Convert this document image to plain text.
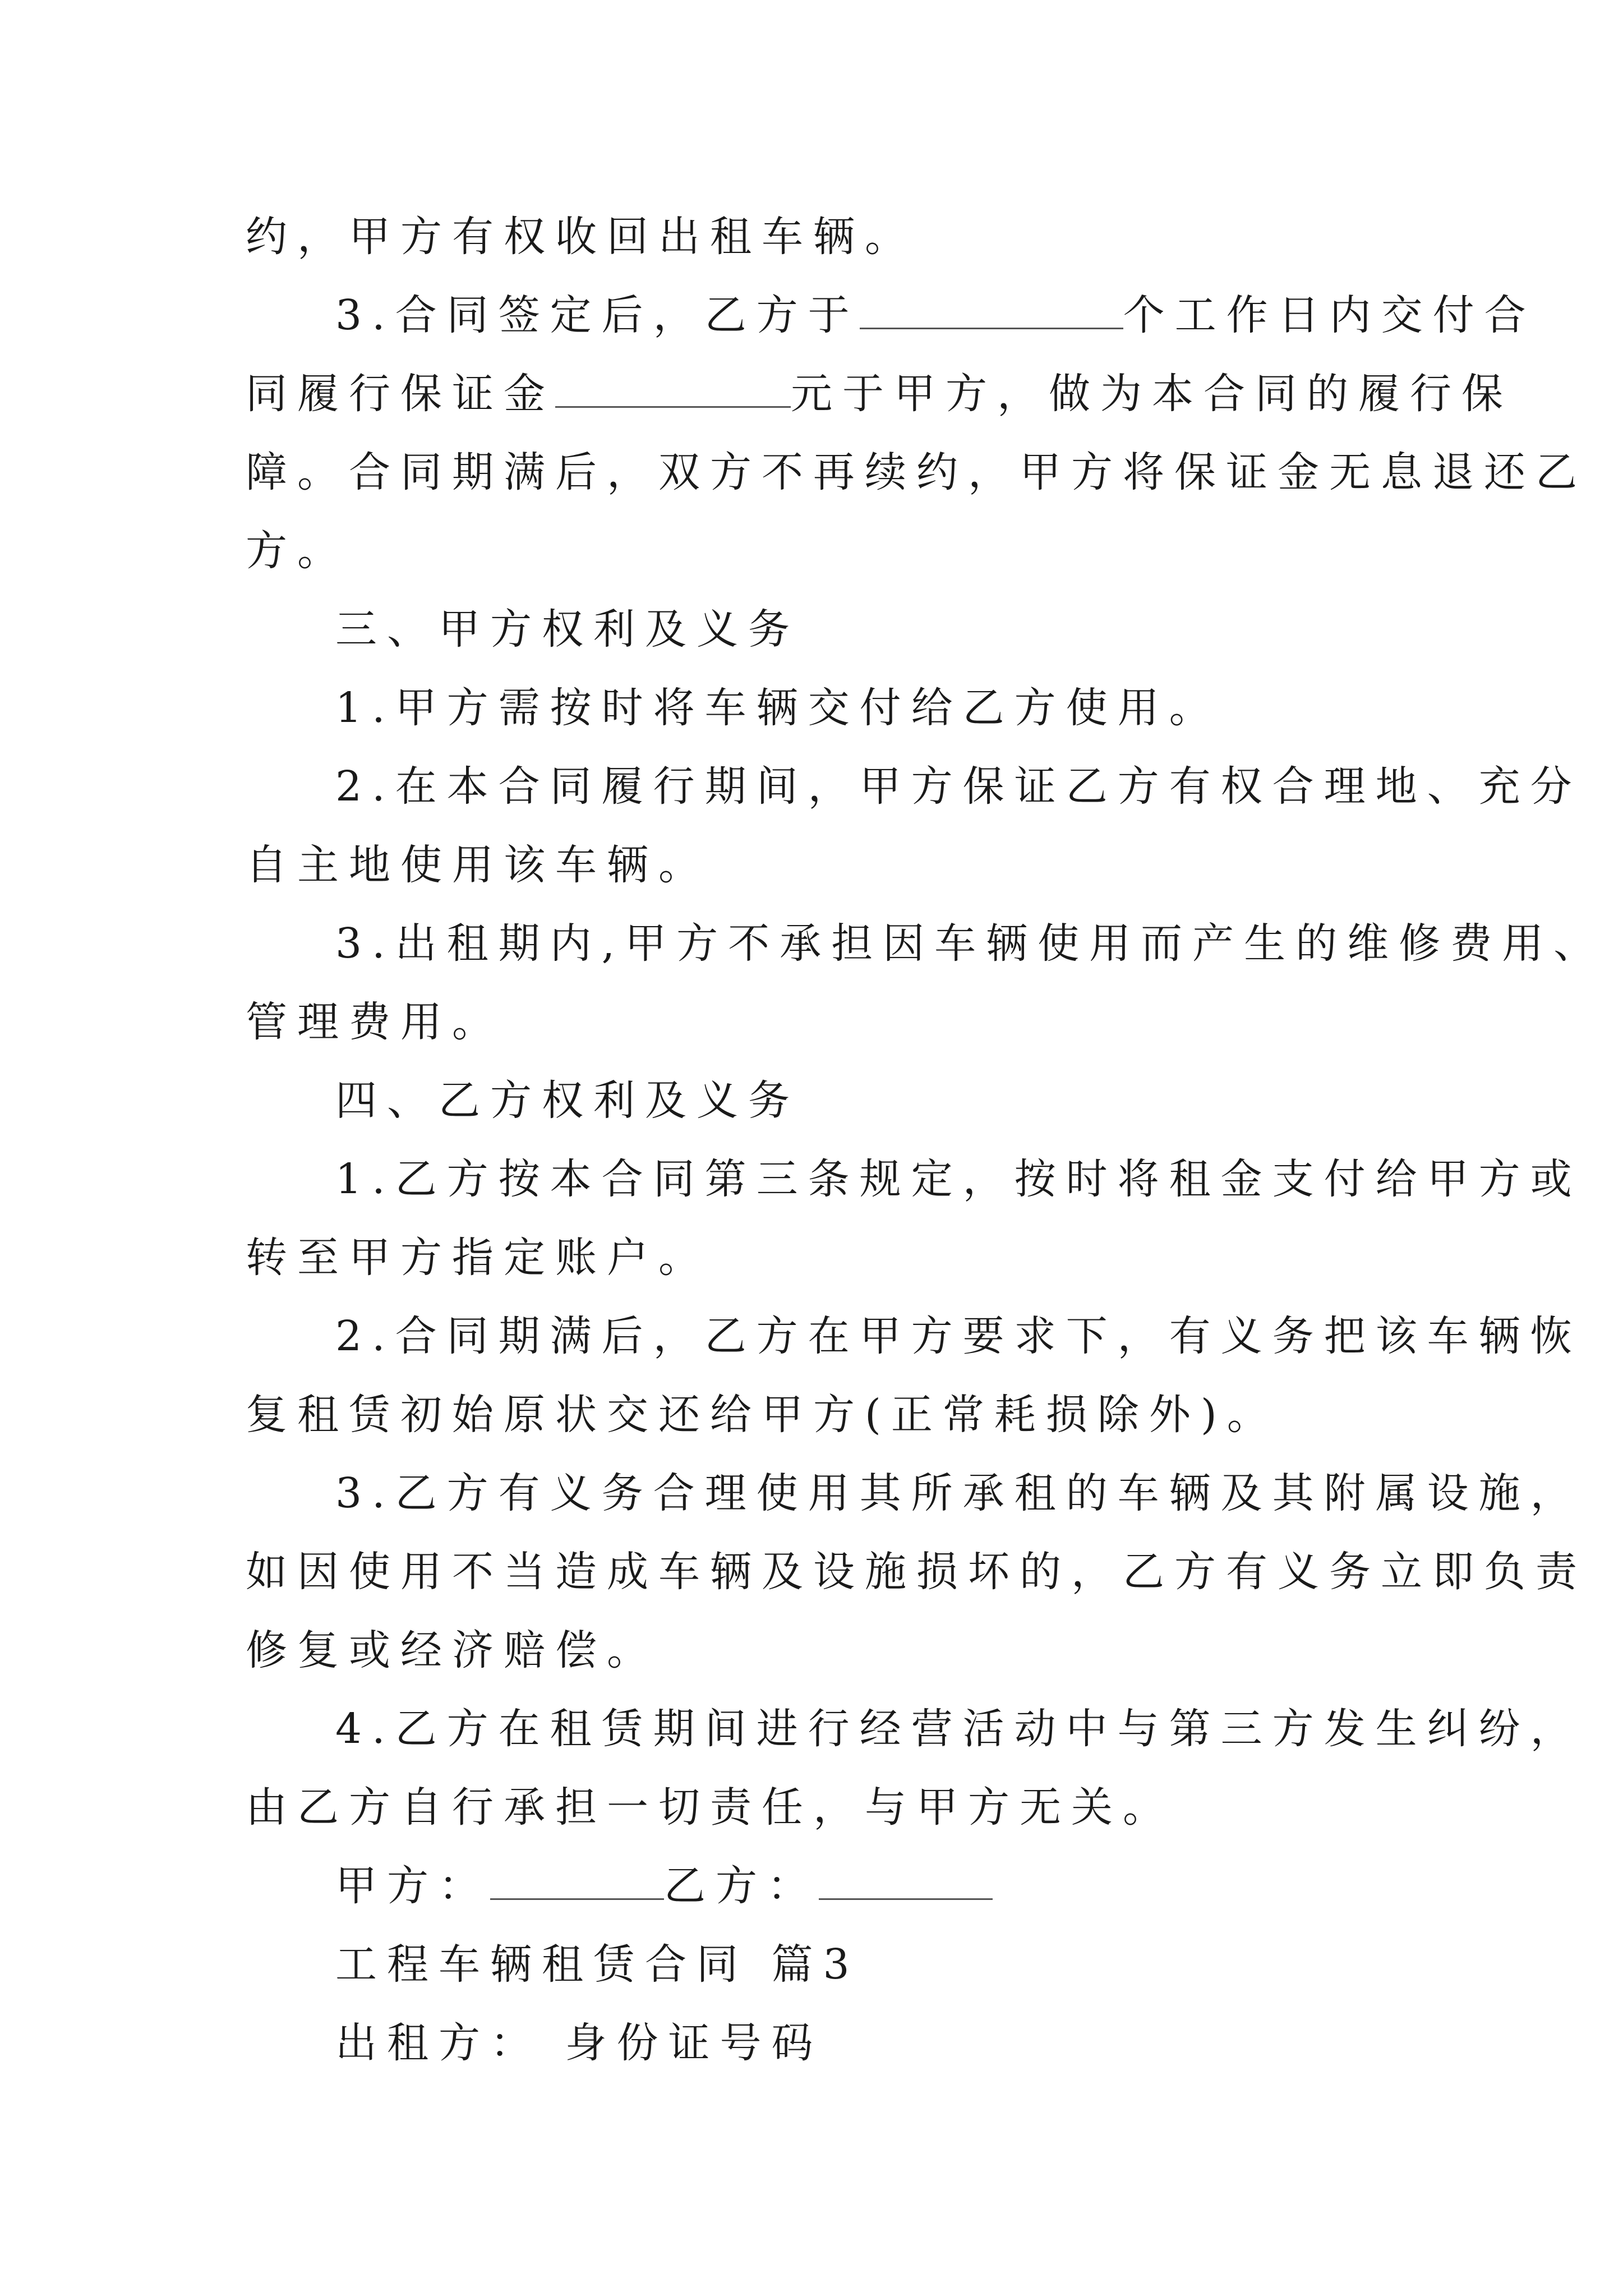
约，甲方有权收回出租车辆。
3.合同签定后，乙方于	个工作日内交付合
同履行保证金	元于甲方，做为本合同的履行保
障。合同期满后，双方不再续约，甲方将保证金无息退还乙
方。
三、甲方权利及义务
1.甲方需按时将车辆交付给乙方使用。
2.在本合同履行期间，甲方保证乙方有权合理地、充分
自主地使用该车辆。
3.出租期内,甲方不承担因车辆使用而产生的维修费用、
管理费用。
四、乙方权利及义务
1.乙方按本合同第三条规定，按时将租金支付给甲方或
转至甲方指定账户。
2.合同期满后，乙方在甲方要求下，有义务把该车辆恢
复租赁初始原状交还给甲方(正常耗损除外)。
3.乙方有义务合理使用其所承租的车辆及其附属设施，
如因使用不当造成车辆及设施损坏的，乙方有义务立即负责
修复或经济赔偿。
4.乙方在租赁期间进行经营活动中与第三方发生纠纷，
由乙方自行承担一切责任，与甲方无关。
甲方：	乙方：
工程车辆租赁合同 篇3
出租方： 身份证号码
